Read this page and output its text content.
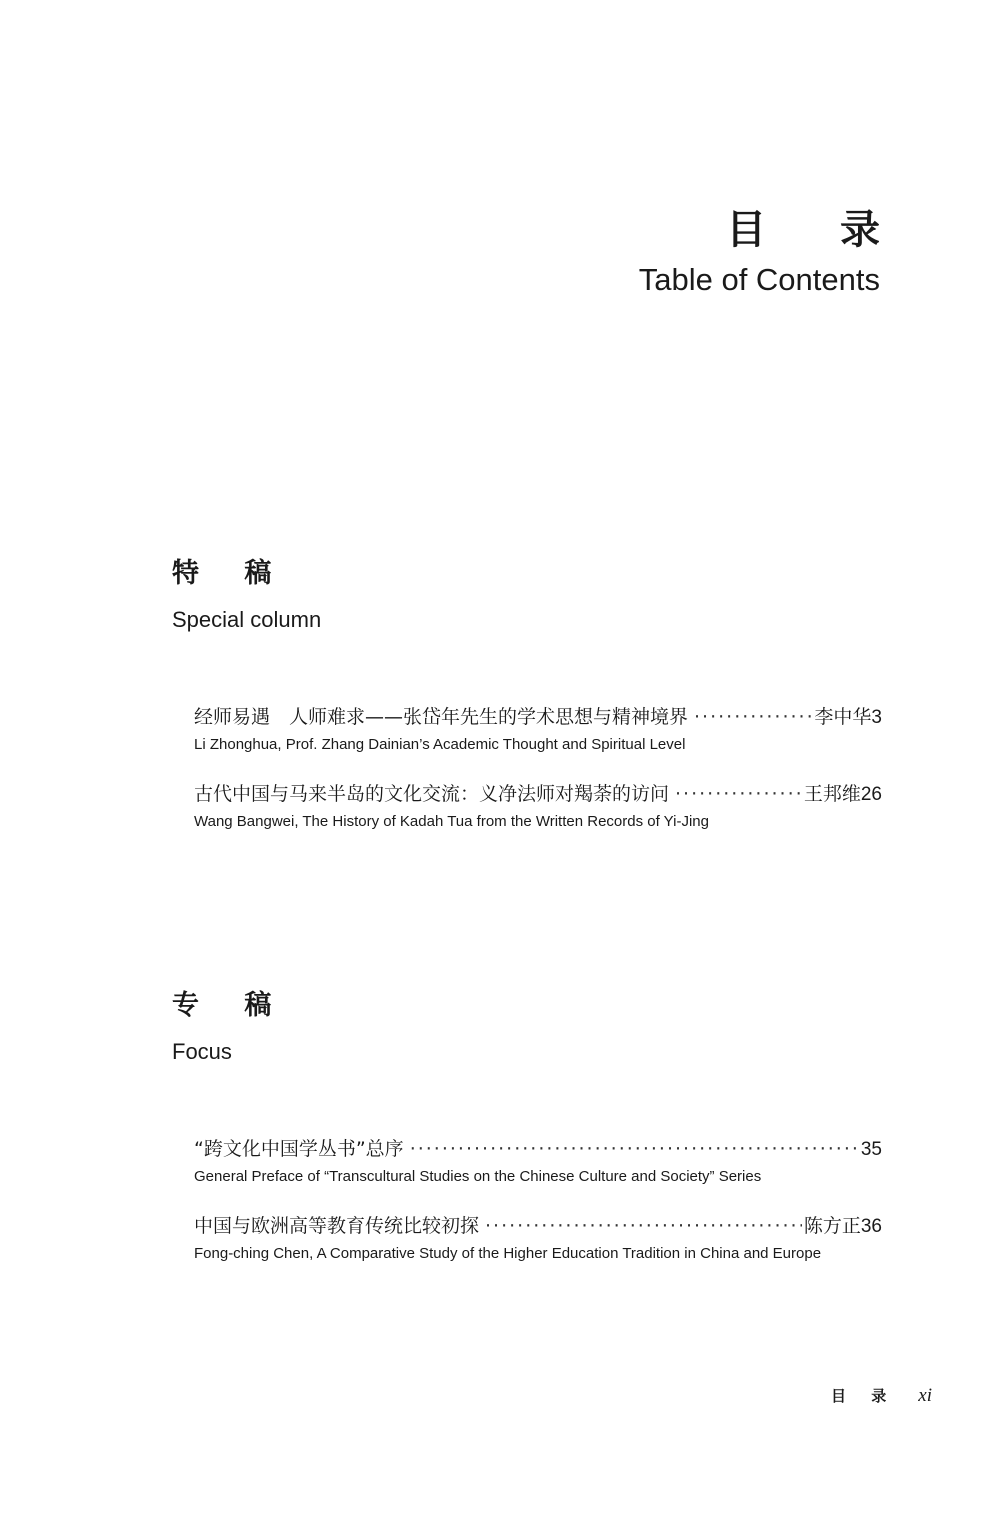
目 录
Table of Contents
特 稿
Special column
经师易遇　人师难求——张岱年先生的学术思想与精神境界 ·····	李中华 3
Li Zhonghua, Prof. Zhang Dainian’s Academic Thought and Spiritual Level
古代中国与马来半岛的文化交流：义净法师对羯荼的访问 ·····	王邦维 26
Wang Bangwei, The History of Kadah Tua from the Written Records of Yi-Jing
专 稿
Focus
“跨文化中国学丛书”总序 ·····	35
General Preface of “Transcultural Studies on the Chinese Culture and Society” Series
中国与欧洲高等教育传统比较初探 ·····	陈方正 36
Fong-ching Chen, A Comparative Study of the Higher Education Tradition in China and Europe
目 录 xi
